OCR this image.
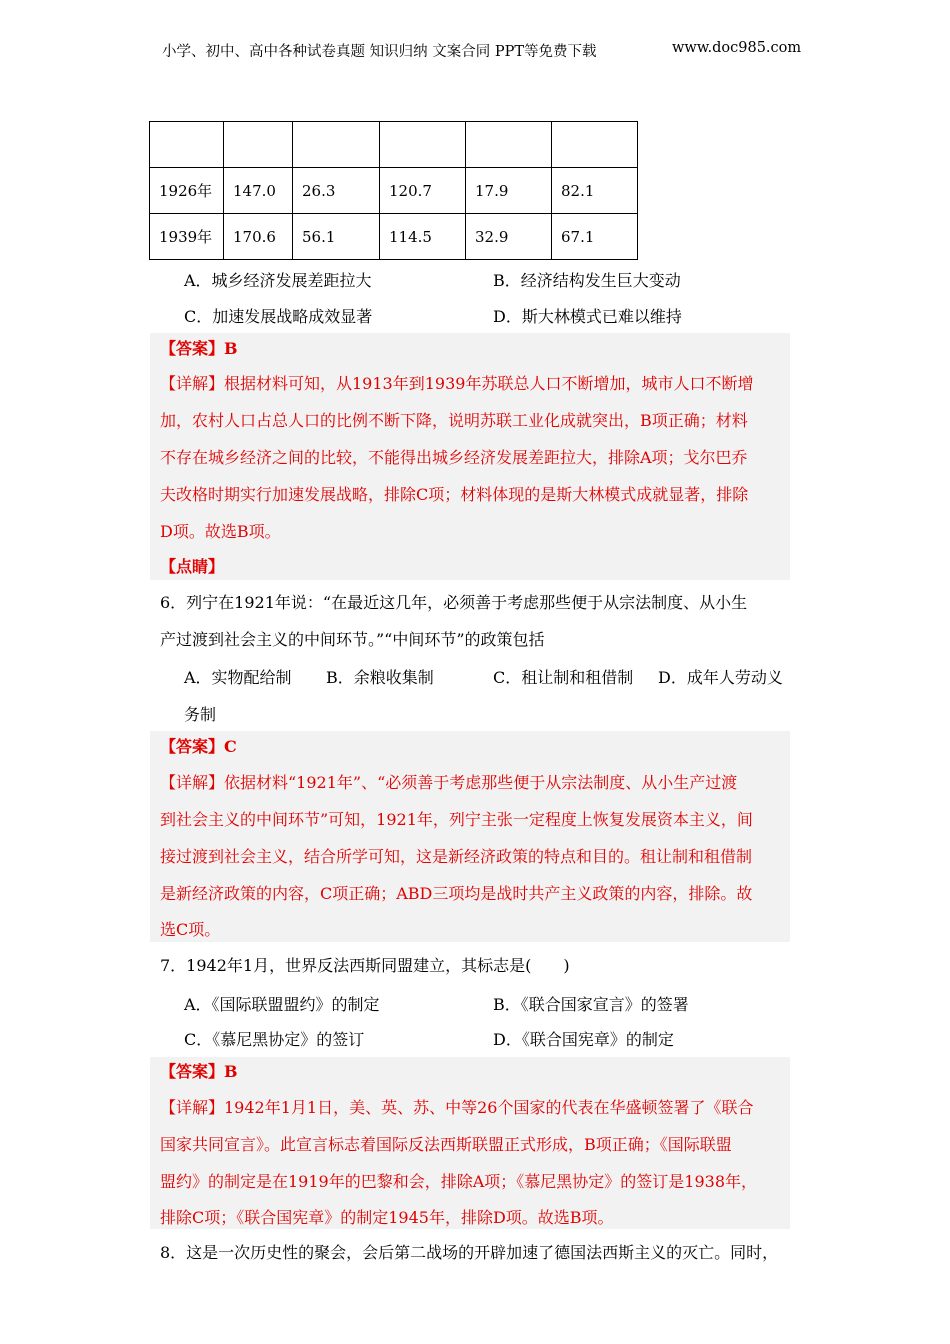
小学、初中、高中各种试卷真题 知识归纳 文案合同 PPT等免费下载	www.doc985.com

1926年	147.0	26.3	120.7	17.9	82.1
1939年	170.6	56.1	114.5	32.9	67.1
A．城乡经济发展差距拉大	B．经济结构发生巨大变动
C．加速发展战略成效显著	D．斯大林模式已难以维持
【答案】B
【详解】根据材料可知，从1913年到1939年苏联总人口不断增加，城市人口不断增
加，农村人口占总人口的比例不断下降，说明苏联工业化成就突出，B项正确；材料
不存在城乡经济之间的比较，不能得出城乡经济发展差距拉大，排除A项；戈尔巴乔
夫改格时期实行加速发展战略，排除C项；材料体现的是斯大林模式成就显著，排除
D项。故选B项。
【点睛】
6．列宁在1921年说：“在最近这几年，必须善于考虑那些便于从宗法制度、从小生
产过渡到社会主义的中间环节。”“中间环节”的政策包括
A．实物配给制 B．余粮收集制	C．租让制和租借制 D．成年人劳动义
务制
【答案】C
【详解】依据材料“1921年”、“必须善于考虑那些便于从宗法制度、从小生产过渡
到社会主义的中间环节”可知，1921年，列宁主张一定程度上恢复发展资本主义，间
接过渡到社会主义，结合所学可知，这是新经济政策的特点和目的。租让制和租借制
是新经济政策的内容，C项正确；ABD三项均是战时共产主义政策的内容，排除。故
选C项。
7．1942年1月，世界反法西斯同盟建立，其标志是(　　)
A．《国际联盟盟约》的制定	B．《联合国家宣言》的签署
C．《慕尼黑协定》的签订	D．《联合国宪章》的制定
【答案】B
【详解】1942年1月1日，美、英、苏、中等26个国家的代表在华盛顿签署了《联合
国家共同宣言》。此宣言标志着国际反法西斯联盟正式形成，B项正确；《国际联盟
盟约》的制定是在1919年的巴黎和会，排除A项；《慕尼黑协定》的签订是1938年，
排除C项；《联合国宪章》的制定1945年，排除D项。故选B项。
8．这是一次历史性的聚会，会后第二战场的开辟加速了德国法西斯主义的灭亡。同时，
